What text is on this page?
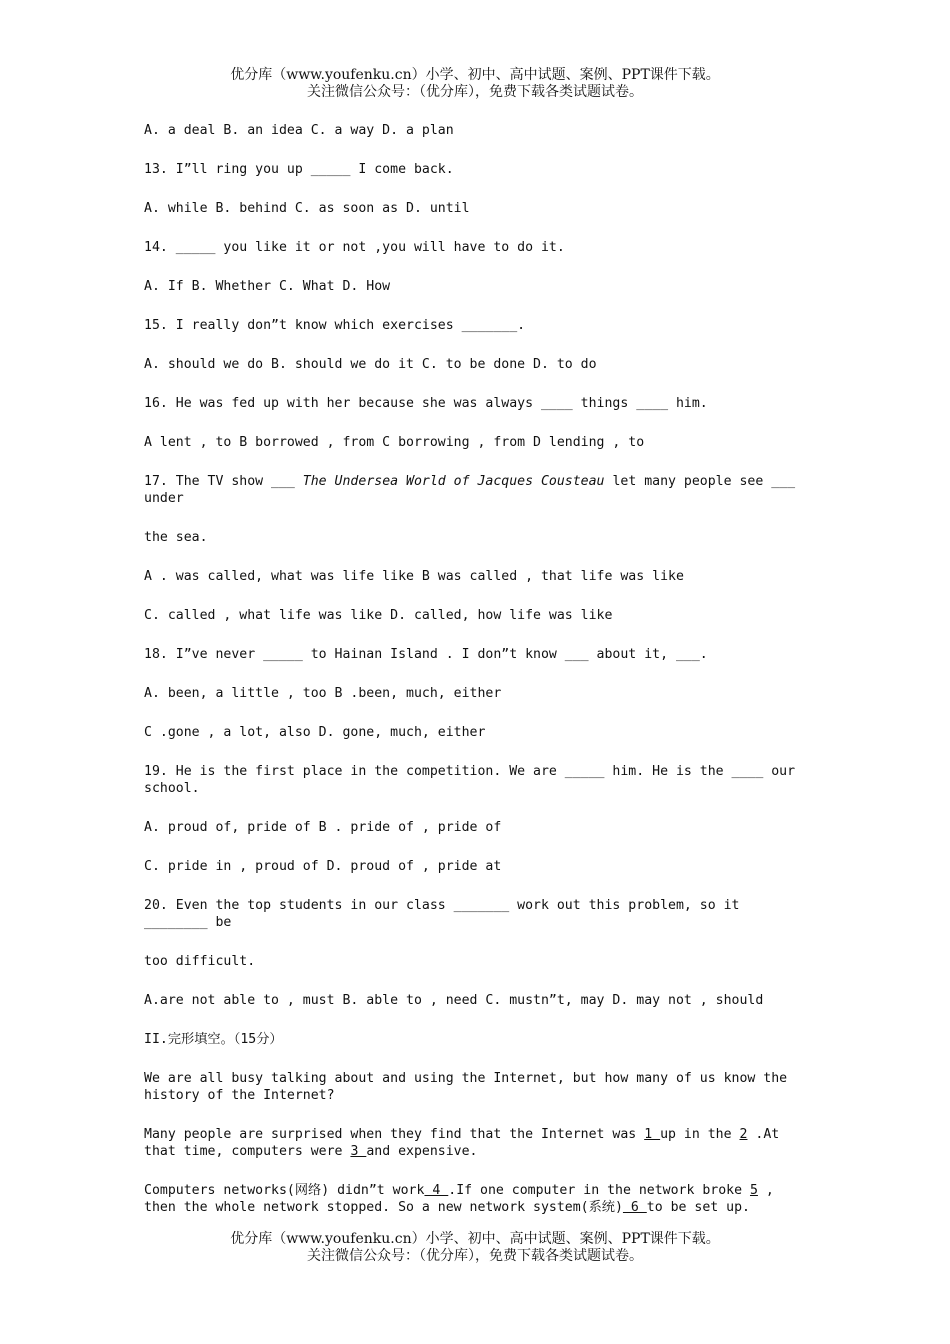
优分库（www.youfenku.cn）小学、初中、高中试题、案例、PPT课件下载。
关注微信公众号：（优分库），免费下载各类试题试卷。

A. a deal B. an idea C. a way D. a plan

13. I”ll ring you up _____ I come back.

A. while B. behind C. as soon as D. until

14. _____ you like it or not ,you will have to do it.

A. If B. Whether C. What D. How

15. I really don”t know which exercises _______.

A. should we do B. should we do it C. to be done D. to do

16. He was fed up with her because she was always ____ things ____ him.

A lent , to B borrowed , from C borrowing , from D lending , to

17. The TV show ___ The Undersea World of Jacques Cousteau let many people see ___ under

the sea.

A . was called, what was life like B was called , that life was like

C. called , what life was like D. called, how life was like

18. I”ve never _____ to Hainan Island . I don”t know ___ about it, ___.

A. been, a little , too B .been, much, either

C .gone , a lot, also D. gone, much, either

19. He is the first place in the competition. We are _____ him. He is the ____ our school.

A. proud of, pride of B . pride of , pride of

C. pride in , proud of D. proud of , pride at

20. Even the top students in our class _______ work out this problem, so it ________ be

too difficult.

A.are not able to , must B. able to , need C. mustn”t, may D. may not , should

II.完形填空。（15分）

We are all busy talking about and using the Internet, but how many of us know the history of the Internet?

Many people are surprised when they find that the Internet was 1 up in the 2 .At that time, computers were 3 and expensive.

Computers networks(网络) didn”t work 4 .If one computer in the network broke 5 , then the whole network stopped. So a new network system(系统) 6 to be set up.

优分库（www.youfenku.cn）小学、初中、高中试题、案例、PPT课件下载。
关注微信公众号：（优分库），免费下载各类试题试卷。
